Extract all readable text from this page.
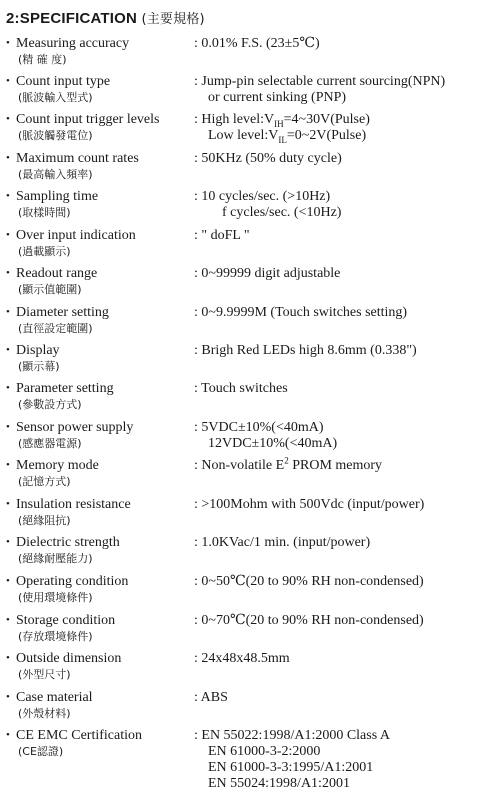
2:SPECIFICATION (主要規格)
• Measuring accuracy
(精 確 度)
: 0.01% F.S. (23±5℃)
• Count input type
(脈波輸入型式)
: Jump-pin selectable current sourcing(NPN)
or current sinking (PNP)
• Count input trigger levels
(脈波觸發電位)
: High $level:V_{IH}=4\sim 30V(Pulse)$
Low $level:V_{IL}=0\sim 2V(Pulse)$
• Maximum count rates
(最高輸入頻率)
: 50KHz (50% duty cycle)
• Sampling time
(取樣時間)
: 10 cycles/sec. (>10Hz)
f cycles/sec. (<10Hz)
• Over input indication
(過載顯示)
: " doFL "
• Readout range
(顯示值範圍)
: 0~99999 digit adjustable
• Diameter setting
(直徑設定範圍)
: 0~9.9999M (Touch switches setting)
• Display
(顯示幕)
: Brigh Red LEDs high 8.6mm (0.338")
• Parameter setting
(參數設方式)
: Touch switches
• Sensor power supply
(感應器電源)
: 5VDC±10%(<40mA)
12VDC±10%(<40mA)
• Memory mode
(記憶方式)
: Non-volatile $E^2$ PROM memory
• Insulation resistance
(絕緣阻抗)
: >100Mohm with 500Vdc (input/power)
• Dielectric strength
(絕緣耐壓能力)
: 1.0KVac/1 min. (input/power)
• Operating condition
(使用環境條件)
: 0~50℃(20 to 90% RH non-condensed)
• Storage condition
(存放環境條件)
: 0~70℃(20 to 90% RH non-condensed)
• Outside dimension
(外型尺寸)
: 24x48x48.5mm
• Case material
(外殼材料)
: ABS
• CE EMC Certification
(CE認證)
: EN 55022:1998/A1:2000 Class A
EN 61000-3-2:2000
EN 61000-3-3:1995/A1:2001
EN 55024:1998/A1:2001
